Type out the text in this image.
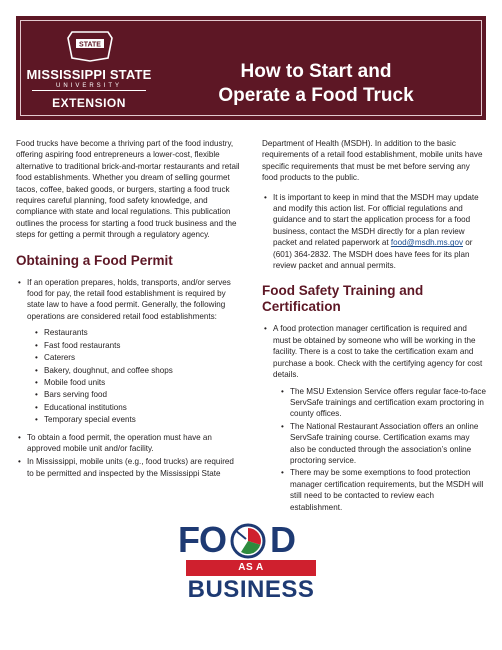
STATE
MISSISSIPPI STATE
UNIVERSITY
EXTENSION
How to Start and
Operate a Food Truck

Food trucks have become a thriving part of the food industry, offering aspiring food entrepreneurs a lower-cost, flexible alternative to traditional brick-and-mortar restaurants and retail food establishments. Whether you dream of selling gourmet tacos, coffee, baked goods, or burgers, starting a food truck requires careful planning, food safety knowledge, and compliance with state and local regulations. This publication outlines the process for starting a food truck business and the steps for getting a permit through a regulatory agency.

Obtaining a Food Permit
• If an operation prepares, holds, transports, and/or serves food for pay, the retail food establishment is required by state law to have a food permit. Generally, the following operations are considered retail food establishments:
• Restaurants
• Fast food restaurants
• Caterers
• Bakery, doughnut, and coffee shops
• Mobile food units
• Bars serving food
• Educational institutions
• Temporary special events
• To obtain a food permit, the operation must have an approved mobile unit and/or facility.
• In Mississippi, mobile units (e.g., food trucks) are required to be permitted and inspected by the Mississippi State

Department of Health (MSDH). In addition to the basic requirements of a retail food establishment, mobile units have specific requirements that must be met before serving any food products to the public.

• It is important to keep in mind that the MSDH may update and modify this action list. For official regulations and guidance and to start the application process for a food business, contact the MSDH directly for a plan review packet and related paperwork at food@msdh.ms.gov or (601) 364-2832. The MSDH does have fees for its plan review packet and annual permits.
Food Safety Training and Certification
• A food protection manager certification is required and must be obtained by someone who will be working in the facility. There is a cost to take the certification exam and purchase a book. Check with the certifying agency for cost details.
• The MSU Extension Service offers regular face-to-face ServSafe trainings and certification exam proctoring in county offices.
• The National Restaurant Association offers an online ServSafe training course. Certification exams may also be conducted through the association’s online proctoring service.
• There may be some exemptions to food protection manager certification requirements, but the MSDH will still need to be contacted to review each establishment.
FO	D
AS A
BUSINESS
